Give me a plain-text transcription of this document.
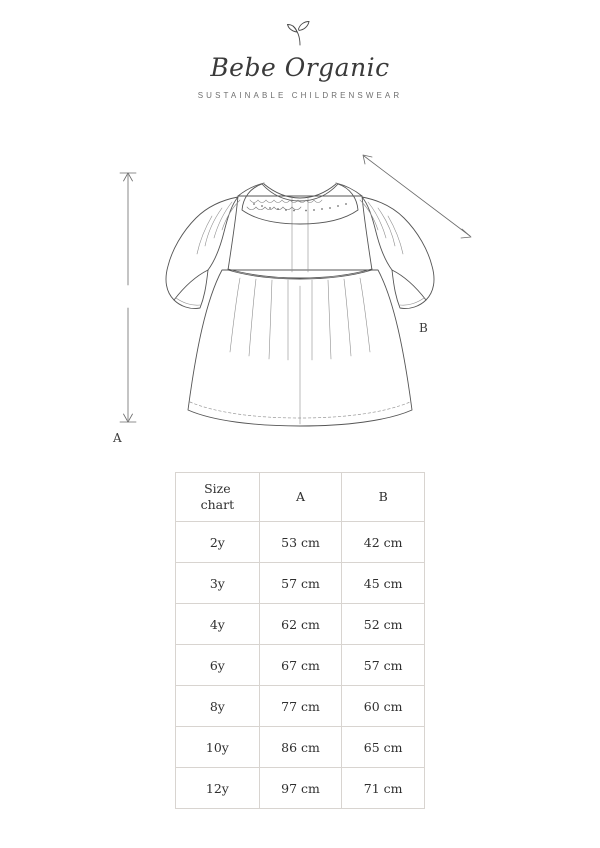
Bebe Organic
SUSTAINABLE CHILDRENSWEAR
A
B
Size
chart	A	B
2y	53 cm	42 cm
3y	57 cm	45 cm
4y	62 cm	52 cm
6y	67 cm	57 cm
8y	77 cm	60 cm
10y	86 cm	65 cm
12y	97 cm	71 cm
